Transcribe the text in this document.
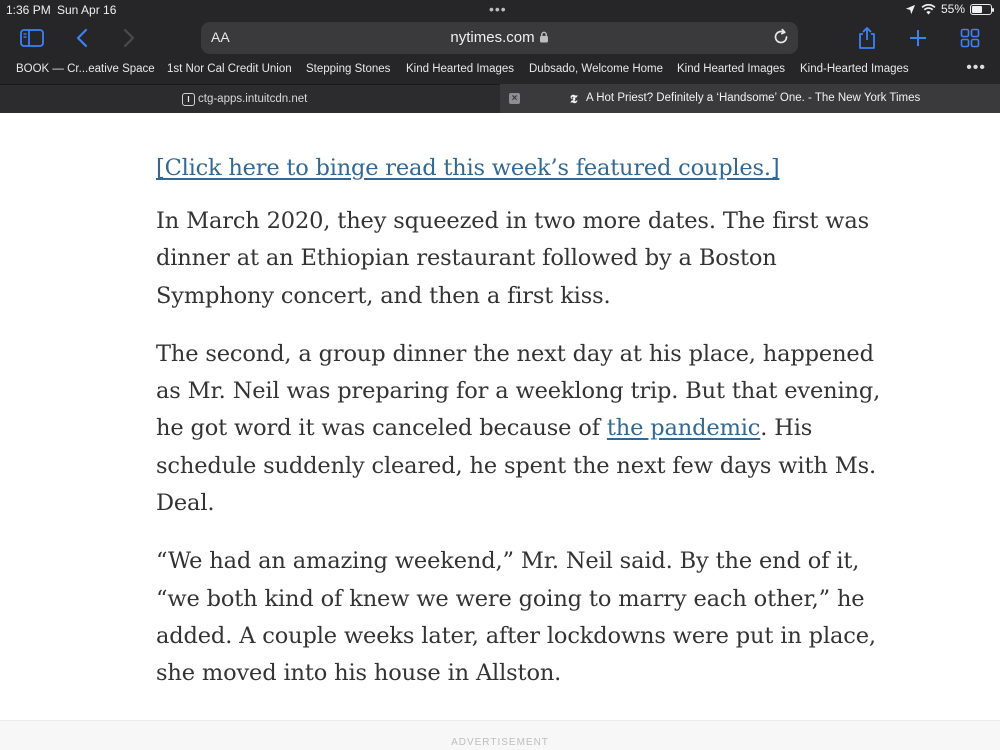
1:36 PM Sun Apr 16	•••	55%
AA	nytimes.com
BOOK — Cr...eative Space 1st Nor Cal Credit Union Stepping Stones Kind Hearted Images Dubsado, Welcome Home Kind Hearted Images Kind-Hearted Images	•••
I ctg-apps.intuitcdn.net	×	𝕿 A Hot Priest? Definitely a ‘Handsome’ One. - The New York Times
[Click here to binge read this week’s featured couples.]

In March 2020, they squeezed in two more dates. The first was dinner at an Ethiopian restaurant followed by a Boston Symphony concert, and then a first kiss.

The second, a group dinner the next day at his place, happened as Mr. Neil was preparing for a weeklong trip. But that evening, he got word it was canceled because of the pandemic. His schedule suddenly cleared, he spent the next few days with Ms. Deal.

“We had an amazing weekend,” Mr. Neil said. By the end of it, “we both kind of knew we were going to marry each other,” he added. A couple weeks later, after lockdowns were put in place, she moved into his house in Allston.

ADVERTISEMENT
